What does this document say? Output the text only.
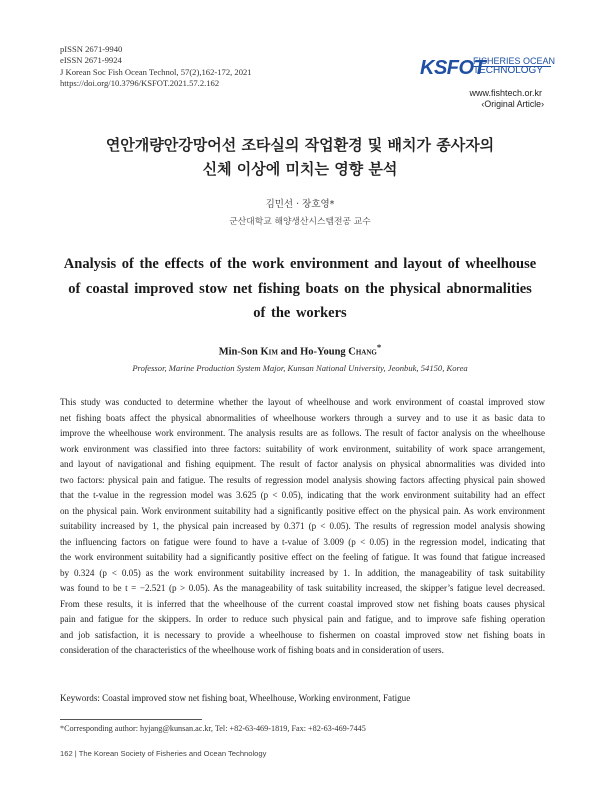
pISSN 2671-9940
eISSN 2671-9924
J Korean Soc Fish Ocean Technol, 57(2),162-172, 2021
https://doi.org/10.3796/KSFOT.2021.57.2.162
KSFOT
FISHERIES OCEAN
TECHNOLOGY
www.fishtech.or.kr
‹Original Article›
연안개량안강망어선 조타실의 작업환경 및 배치가 종사자의
신체 이상에 미치는 영향 분석
김민선 · 장호영*
군산대학교 해양생산시스템전공 교수
Analysis of the effects of the work environment and layout of wheelhouse
of coastal improved stow net fishing boats on the physical abnormalities
of the workers
Min-Son Kim and Ho-Young Chang*
Professor, Marine Production System Major, Kunsan National University, Jeonbuk, 54150, Korea
This study was conducted to determine whether the layout of wheelhouse and work environment of coastal improved stow
net fishing boats affect the physical abnormalities of wheelhouse workers through a survey and to use it as basic data to
improve the wheelhouse work environment. The analysis results are as follows. The result of factor analysis on the wheelhouse
work environment was classified into three factors: suitability of work environment, suitability of work space arrangement,
and layout of navigational and fishing equipment. The result of factor analysis on physical abnormalities was divided into
two factors: physical pain and fatigue. The results of regression model analysis showing factors affecting physical pain showed
that the t-value in the regression model was 3.625 (p < 0.05), indicating that the work environment suitability had an effect
on the physical pain. Work environment suitability had a significantly positive effect on the physical pain. As work environment
suitability increased by 1, the physical pain increased by 0.371 (p < 0.05). The results of regression model analysis showing
the influencing factors on fatigue were found to have a t-value of 3.009 (p < 0.05) in the regression model, indicating that
the work environment suitability had a significantly positive effect on the feeling of fatigue. It was found that fatigue increased
by 0.324 (p < 0.05) as the work environment suitability increased by 1. In addition, the manageability of task suitability
was found to be t = −2.521 (p > 0.05). As the manageability of task suitability increased, the skipper’s fatigue level decreased.
From these results, it is inferred that the wheelhouse of the current coastal improved stow net fishing boats causes physical
pain and fatigue for the skippers. In order to reduce such physical pain and fatigue, and to improve safe fishing operation
and job satisfaction, it is necessary to provide a wheelhouse to fishermen on coastal improved stow net fishing boats in
consideration of the characteristics of the wheelhouse work of fishing boats and in consideration of users.
Keywords: Coastal improved stow net fishing boat, Wheelhouse, Working environment, Fatigue
*Corresponding author: hyjang@kunsan.ac.kr, Tel: +82-63-469-1819, Fax: +82-63-469-7445
162 | The Korean Society of Fisheries and Ocean Technology
